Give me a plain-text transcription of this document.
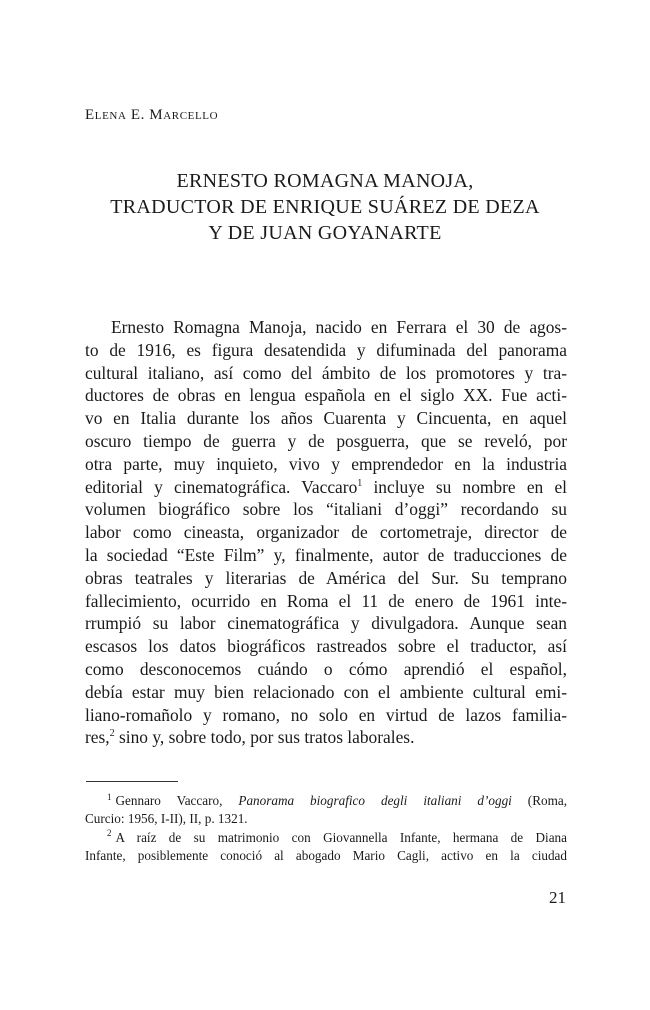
Elena E. Marcello
ERNESTO ROMAGNA MANOJA,
TRADUCTOR DE ENRIQUE SUÁREZ DE DEZA
Y DE JUAN GOYANARTE
Ernesto Romagna Manoja, nacido en Ferrara el 30 de agos-
to de 1916, es figura desatendida y difuminada del panorama
cultural italiano, así como del ámbito de los promotores y tra-
ductores de obras en lengua española en el siglo XX. Fue acti-
vo en Italia durante los años Cuarenta y Cincuenta, en aquel
oscuro tiempo de guerra y de posguerra, que se reveló, por
otra parte, muy inquieto, vivo y emprendedor en la industria
editorial y cinematográfica. Vaccaro$^1$ incluye su nombre en el
volumen biográfico sobre los “italiani d’oggi” recordando su
labor como cineasta, organizador de cortometraje, director de
la sociedad “Este Film” y, finalmente, autor de traducciones de
obras teatrales y literarias de América del Sur. Su temprano
fallecimiento, ocurrido en Roma el 11 de enero de 1961 inte-
rrumpió su labor cinematográfica y divulgadora. Aunque sean
escasos los datos biográficos rastreados sobre el traductor, así
como desconocemos cuándo o cómo aprendió el español,
debía estar muy bien relacionado con el ambiente cultural emi-
liano-romañolo y romano, no solo en virtud de lazos familia-
res,$^2$ sino y, sobre todo, por sus tratos laborales.
$^1$ Gennaro Vaccaro, Panorama biografico degli italiani d’oggi (Roma,
Curcio: 1956, I-II), II, p. 1321.
$^2$ A raíz de su matrimonio con Giovannella Infante, hermana de Diana
Infante, posiblemente conoció al abogado Mario Cagli, activo en la ciudad
21
